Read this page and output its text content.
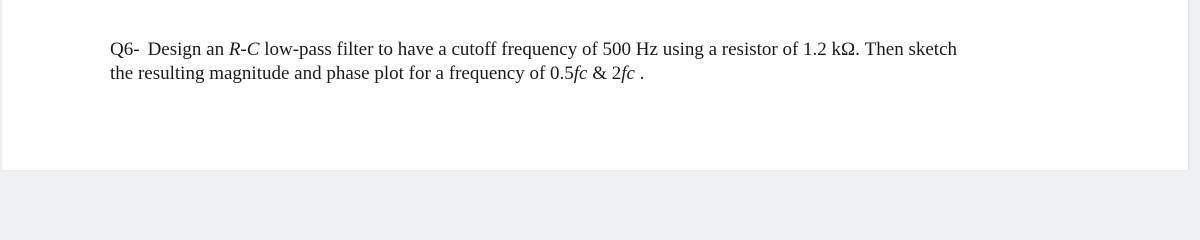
Q6- Design an R-C low-pass filter to have a cutoff frequency of 500 Hz using a resistor of 1.2 kΩ. Then sketch
the resulting magnitude and phase plot for a frequency of 0.5fc & 2fc .
